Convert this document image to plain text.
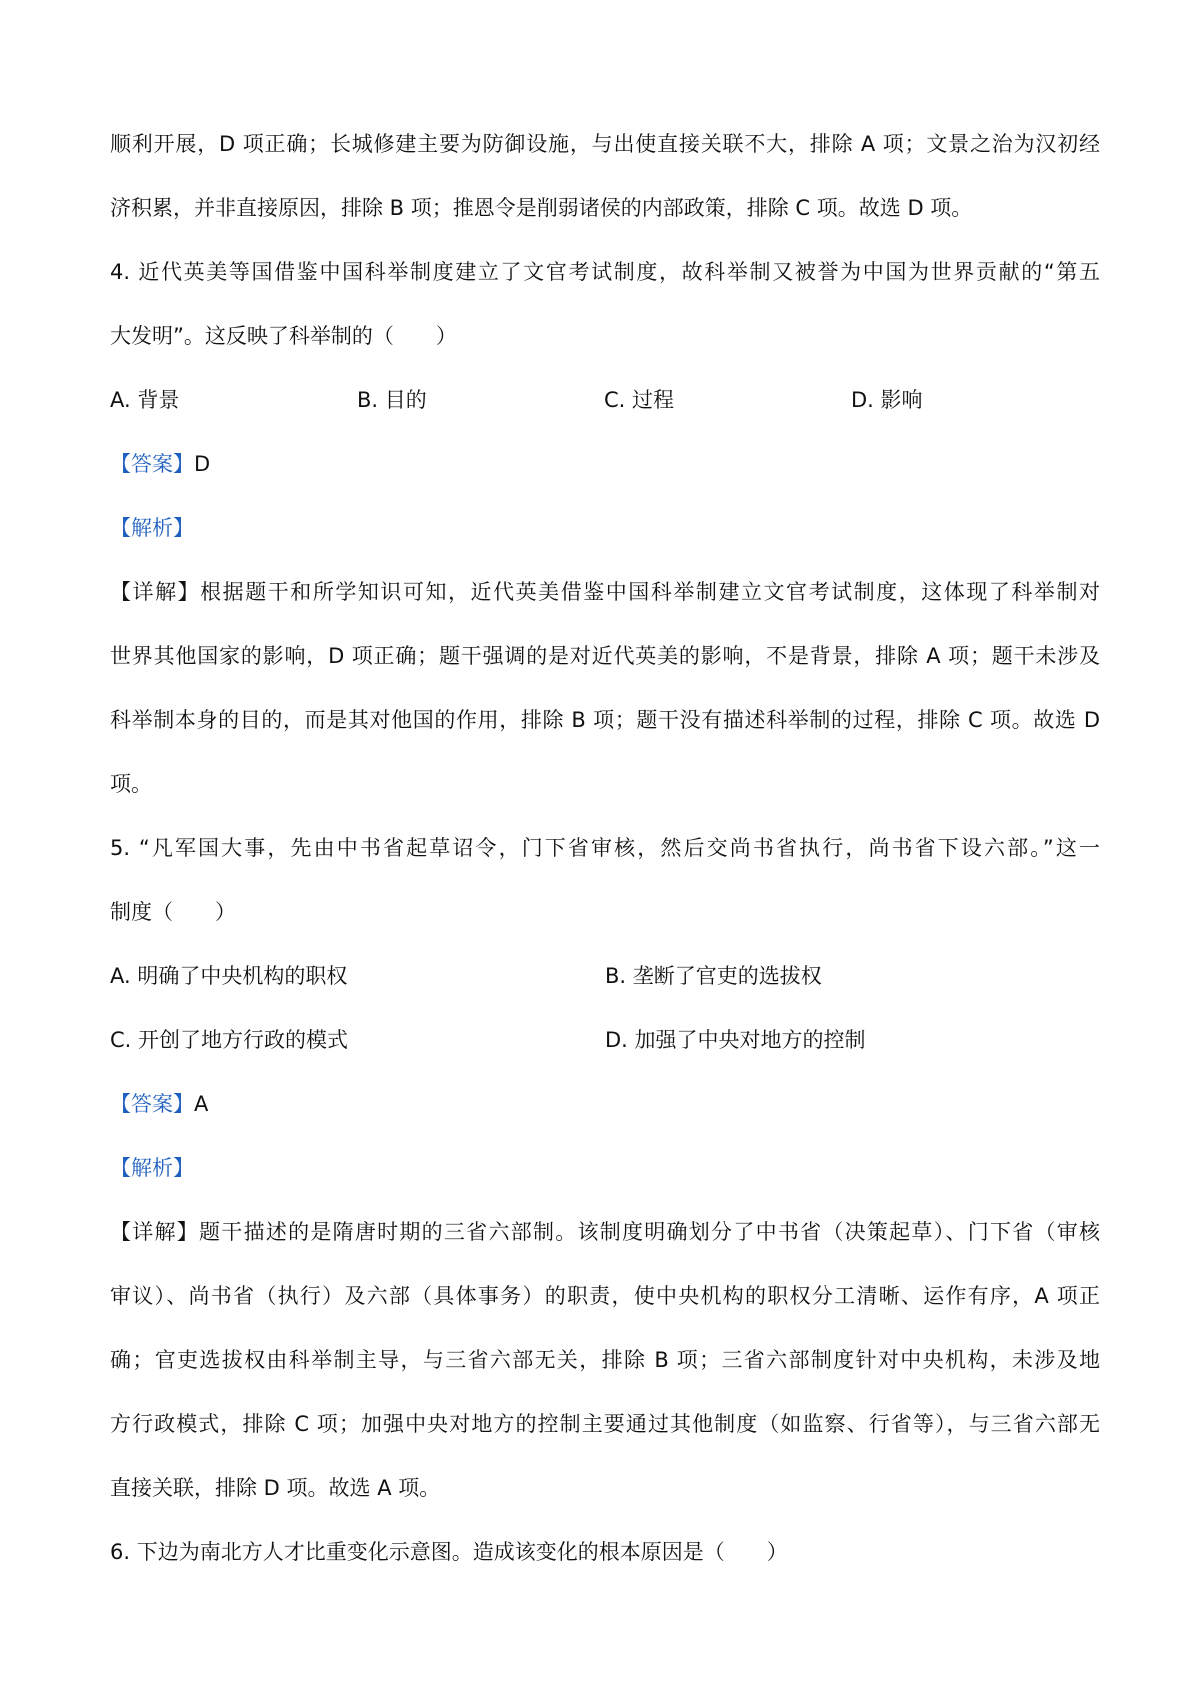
顺利开展，D 项正确；长城修建主要为防御设施，与出使直接关联不大，排除 A 项；文景之治为汉初经
济积累，并非直接原因，排除 B 项；推恩令是削弱诸侯的内部政策，排除 C 项。故选 D 项。
4. 近代英美等国借鉴中国科举制度建立了文官考试制度，故科举制又被誉为中国为世界贡献的“第五
大发明”。这反映了科举制的（　　）
A. 背景	B. 目的	C. 过程	D. 影响
【答案】D
【解析】
【详解】根据题干和所学知识可知，近代英美借鉴中国科举制建立文官考试制度，这体现了科举制对
世界其他国家的影响，D 项正确；题干强调的是对近代英美的影响，不是背景，排除 A 项；题干未涉及
科举制本身的目的，而是其对他国的作用，排除 B 项；题干没有描述科举制的过程，排除 C 项。故选 D
项。
5. “凡军国大事，先由中书省起草诏令，门下省审核，然后交尚书省执行，尚书省下设六部。”这一
制度（　　）
A. 明确了中央机构的职权	B. 垄断了官吏的选拔权
C. 开创了地方行政的模式	D. 加强了中央对地方的控制
【答案】A
【解析】
【详解】题干描述的是隋唐时期的三省六部制。该制度明确划分了中书省（决策起草）、门下省（审核
审议）、尚书省（执行）及六部（具体事务）的职责，使中央机构的职权分工清晰、运作有序，A 项正
确；官吏选拔权由科举制主导，与三省六部无关，排除 B 项；三省六部制度针对中央机构，未涉及地
方行政模式，排除 C 项；加强中央对地方的控制主要通过其他制度（如监察、行省等），与三省六部无
直接关联，排除 D 项。故选 A 项。
6. 下边为南北方人才比重变化示意图。造成该变化的根本原因是（　　）
